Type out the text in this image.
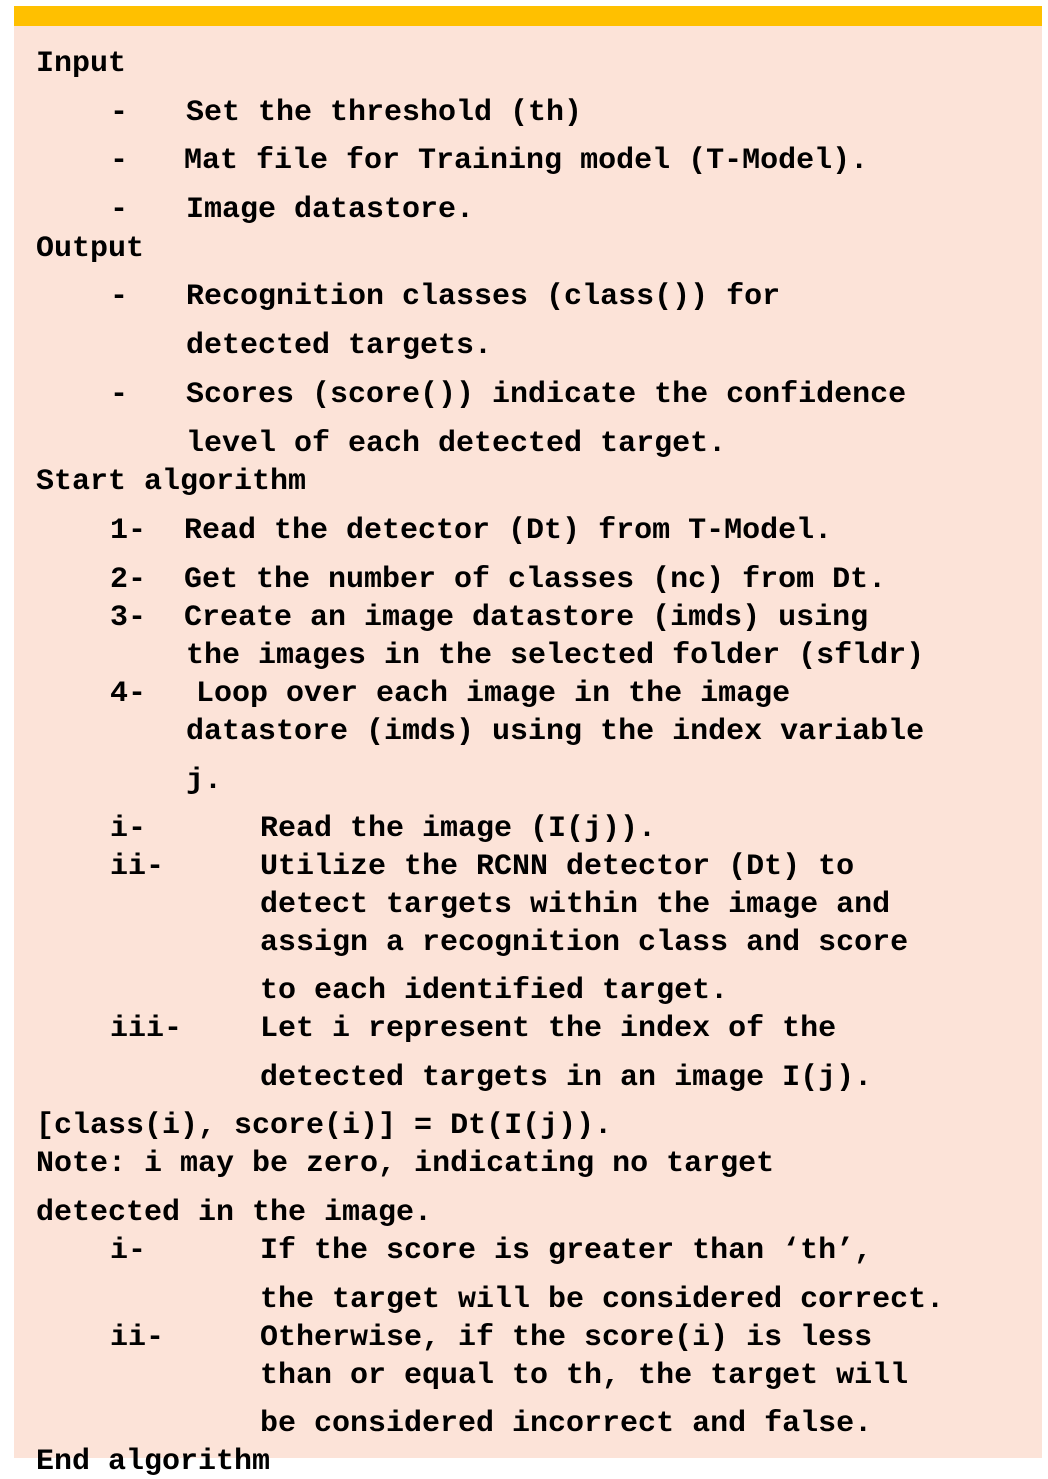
Input
- Set the threshold (th)
- Mat file for Training model (T-Model).
- Image datastore.
Output
- Recognition classes (class()) for
detected targets.
- Scores (score()) indicate the confidence
level of each detected target.
Start algorithm
1- Read the detector (Dt) from T-Model.
2- Get the number of classes (nc) from Dt.
3- Create an image datastore (imds) using
the images in the selected folder (sfldr)
4- Loop over each image in the image
datastore (imds) using the index variable
j.
i-	Read the image (I(j)).
ii-	Utilize the RCNN detector (Dt) to
detect targets within the image and
assign a recognition class and score
to each identified target.
iii-	Let i represent the index of the
detected targets in an image I(j).
[class(i), score(i)] = Dt(I(j)).
Note: i may be zero, indicating no target
detected in the image.
i-	If the score is greater than ‘th’,
the target will be considered correct.
ii-	Otherwise, if the score(i) is less
than or equal to th, the target will
be considered incorrect and false.
End algorithm
